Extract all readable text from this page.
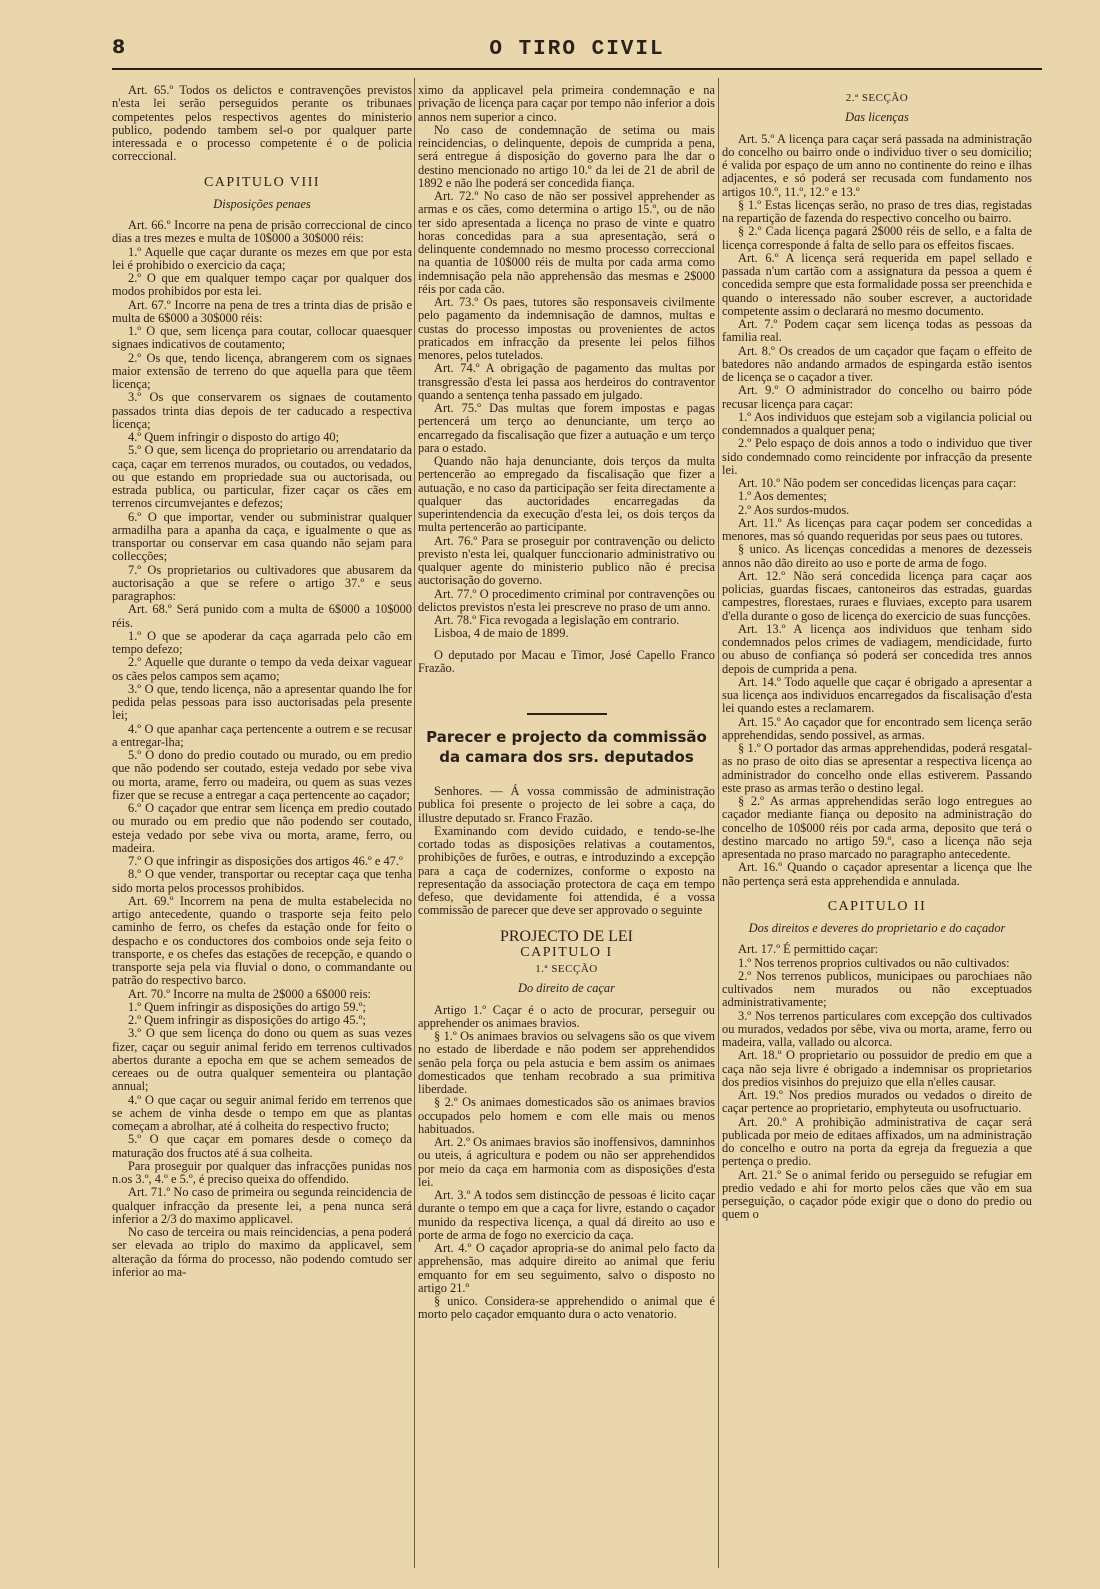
8	O TIRO CIVIL

Art. 65.º Todos os delictos e contravenções previstos n'esta lei serão perseguidos perante os tribunaes competentes pelos respectivos agentes do ministerio publico, podendo tambem sel-o por qualquer parte interessada e o processo competente é o de policia correccional.

CAPITULO VIII

Disposições penaes

Art. 66.º Incorre na pena de prisão correccional de cinco dias a tres mezes e multa de 10$000 a 30$000 réis:

1.º Aquelle que caçar durante os mezes em que por esta lei é prohibido o exercicio da caça;

2.º O que em qualquer tempo caçar por qualquer dos modos prohibidos por esta lei.

Art. 67.º Incorre na pena de tres a trinta dias de prisão e multa de 6$000 a 30$000 réis:

1.º O que, sem licença para coutar, collocar quaesquer signaes indicativos de coutamento;

2.º Os que, tendo licença, abrangerem com os signaes maior extensão de terreno do que aquella para que têem licença;

3.º Os que conservarem os signaes de coutamento passados trinta dias depois de ter caducado a respectiva licença;

4.º Quem infringir o disposto do artigo 40;

5.º O que, sem licença do proprietario ou arrendatario da caça, caçar em terrenos murados, ou coutados, ou vedados, ou que estando em propriedade sua ou auctorisada, ou estrada publica, ou particular, fizer caçar os cães em terrenos circumvejantes e defezos;

6.º O que importar, vender ou subministrar qualquer armadilha para a apanha da caça, e igualmente o que as transportar ou conservar em casa quando não sejam para collecções;

7.º Os proprietarios ou cultivadores que abusarem da auctorisação a que se refere o artigo 37.º e seus paragraphos:

Art. 68.º Será punido com a multa de 6$000 a 10$000 réis.

1.º O que se apoderar da caça agarrada pelo cão em tempo defezo;

2.º Aquelle que durante o tempo da veda deixar vaguear os cães pelos campos sem açamo;

3.º O que, tendo licença, não a apresentar quando lhe for pedida pelas pessoas para isso auctorisadas pela presente lei;

4.º O que apanhar caça pertencente a outrem e se recusar a entregar-lha;

5.º O dono do predio coutado ou murado, ou em predio que não podendo ser coutado, esteja vedado por sebe viva ou morta, arame, ferro ou madeira, ou quem as suas vezes fizer que se recuse a entregar a caça pertencente ao caçador;

6.º O caçador que entrar sem licença em predio coutado ou murado ou em predio que não podendo ser coutado, esteja vedado por sebe viva ou morta, arame, ferro, ou madeira.

7.º O que infringir as disposições dos artigos 46.º e 47.º

8.º O que vender, transportar ou receptar caça que tenha sido morta pelos processos prohibidos.

Art. 69.º Incorrem na pena de multa estabelecida no artigo antecedente, quando o trasporte seja feito pelo caminho de ferro, os chefes da estação onde for feito o despacho e os conductores dos comboios onde seja feito o transporte, e os chefes das estações de recepção, e quando o transporte seja pela via fluvial o dono, o commandante ou patrão do respectivo barco.

Art. 70.º Incorre na multa de 2$000 a 6$000 reis:

1.º Quem infringir as disposições do artigo 59.º;

2.º Quem infringir as disposições do artigo 45.º;

3.º O que sem licença do dono ou quem as suas vezes fizer, caçar ou seguir animal ferido em terrenos cultivados abertos durante a epocha em que se achem semeados de cereaes ou de outra qualquer sementeira ou plantação annual;

4.º O que caçar ou seguir animal ferido em terrenos que se achem de vinha desde o tempo em que as plantas começam a abrolhar, até á colheita do respectivo fructo;

5.º O que caçar em pomares desde o começo da maturação dos fructos até á sua colheita.

Para proseguir por qualquer das infracções punidas nos n.os 3.º, 4.º e 5.º, é preciso queixa do offendido.

Art. 71.º No caso de primeira ou segunda reincidencia de qualquer infracção da presente lei, a pena nunca será inferior a 2/3 do maximo applicavel.

No caso de terceira ou mais reincidencias, a pena poderá ser elevada ao triplo do maximo da applicavel, sem alteração da fórma do processo, não podendo comtudo ser inferior ao ma-

ximo da applicavel pela primeira condemnação e na privação de licença para caçar por tempo não inferior a dois annos nem superior a cinco.

No caso de condemnação de setima ou mais reincidencias, o delinquente, depois de cumprida a pena, será entregue á disposição do governo para lhe dar o destino mencionado no artigo 10.º da lei de 21 de abril de 1892 e não lhe poderá ser concedida fiança.

Art. 72.º No caso de não ser possivel apprehender as armas e os cães, como determina o artigo 15.º, ou de não ter sido apresentada a licença no praso de vinte e quatro horas concedidas para a sua apresentação, será o delinquente condemnado no mesmo processo correccional na quantia de 10$000 réis de multa por cada arma como indemnisação pela não apprehensão das mesmas e 2$000 réis por cada cão.

Art. 73.º Os paes, tutores são responsaveis civilmente pelo pagamento da indemnisação de damnos, multas e custas do processo impostas ou provenientes de actos praticados em infracção da presente lei pelos filhos menores, pelos tutelados.

Art. 74.º A obrigação de pagamento das multas por transgressão d'esta lei passa aos herdeiros do contraventor quando a sentença tenha passado em julgado.

Art. 75.º Das multas que forem impostas e pagas pertencerá um terço ao denunciante, um terço ao encarregado da fiscalisação que fizer a autuação e um terço para o estado.

Quando não haja denunciante, dois terços da multa pertencerão ao empregado da fiscalisação que fizer a autuação, e no caso da participação ser feita directamente a qualquer das auctoridades encarregadas da superintendencia da execução d'esta lei, os dois terços da multa pertencerão ao participante.

Art. 76.º Para se proseguir por contravenção ou delicto previsto n'esta lei, qualquer funccionario administrativo ou qualquer agente do ministerio publico não é precisa auctorisação do governo.

Art. 77.º O procedimento criminal por contravenções ou delictos previstos n'esta lei prescreve no praso de um anno.

Art. 78.º Fica revogada a legislação em contrario.

Lisboa, 4 de maio de 1899.

O deputado por Macau e Timor, José Capello Franco Frazão.

Parecer e projecto da commissão da camara dos srs. deputados

Senhores. — Á vossa commissão de administração publica foi presente o projecto de lei sobre a caça, do illustre deputado sr. Franco Frazão.

Examinando com devido cuidado, e tendo-se-lhe cortado todas as disposições relativas a coutamentos, prohibições de furões, e outras, e introduzindo a excepção para a caça de codernizes, conforme o exposto na representação da associação protectora de caça em tempo defeso, que devidamente foi attendida, é a vossa commissão de parecer que deve ser approvado o seguinte

PROJECTO DE LEI

CAPITULO I

1.ª SECÇÃO

Do direito de caçar

Artigo 1.º Caçar é o acto de procurar, perseguir ou apprehender os animaes bravios.

§ 1.º Os animaes bravios ou selvagens são os que vivem no estado de liberdade e não podem ser apprehendidos senão pela força ou pela astucia e bem assim os animaes domesticados que tenham recobrado a sua primitiva liberdade.

§ 2.º Os animaes domesticados são os animaes bravios occupados pelo homem e com elle mais ou menos habituados.

Art. 2.º Os animaes bravios são inoffensivos, damninhos ou uteis, á agricultura e podem ou não ser apprehendidos por meio da caça em harmonia com as disposições d'esta lei.

Art. 3.º A todos sem distincção de pessoas é licito caçar durante o tempo em que a caça for livre, estando o caçador munido da respectiva licença, a qual dá direito ao uso e porte de arma de fogo no exercicio da caça.

Art. 4.º O caçador apropria-se do animal pelo facto da apprehensão, mas adquire direito ao animal que feriu emquanto for em seu seguimento, salvo o disposto no artigo 21.º

§ unico. Considera-se apprehendido o animal que é morto pelo caçador emquanto dura o acto venatorio.

2.ª SECÇÃO

Das licenças

Art. 5.º A licença para caçar será passada na administração do concelho ou bairro onde o individuo tiver o seu domicilio; é valida por espaço de um anno no continente do reino e ilhas adjacentes, e só poderá ser recusada com fundamento nos artigos 10.º, 11.º, 12.º e 13.º

§ 1.º Estas licenças serão, no praso de tres dias, registadas na repartição de fazenda do respectivo concelho ou bairro.

§ 2.º Cada licença pagará 2$000 réis de sello, e a falta de licença corresponde á falta de sello para os effeitos fiscaes.

Art. 6.º A licença será requerida em papel sellado e passada n'um cartão com a assignatura da pessoa a quem é concedida sempre que esta formalidade possa ser preenchida e quando o interessado não souber escrever, a auctoridade competente assim o declarará no mesmo documento.

Art. 7.º Podem caçar sem licença todas as pessoas da familia real.

Art. 8.º Os creados de um caçador que façam o effeito de batedores não andando armados de espingarda estão isentos de licença se o caçador a tiver.

Art. 9.º O administrador do concelho ou bairro póde recusar licença para caçar:

1.º Aos individuos que estejam sob a vigilancia policial ou condemnados a qualquer pena;

2.º Pelo espaço de dois annos a todo o individuo que tiver sido condemnado como reincidente por infracção da presente lei.

Art. 10.º Não podem ser concedidas licenças para caçar:

1.º Aos dementes;

2.º Aos surdos-mudos.

Art. 11.º As licenças para caçar podem ser concedidas a menores, mas só quando requeridas por seus paes ou tutores.

§ unico. As licenças concedidas a menores de dezesseis annos não dão direito ao uso e porte de arma de fogo.

Art. 12.º Não será concedida licença para caçar aos policias, guardas fiscaes, cantoneiros das estradas, guardas campestres, florestaes, ruraes e fluviaes, excepto para usarem d'ella durante o goso de licença do exercicio de suas funcções.

Art. 13.º A licença aos individuos que tenham sido condemnados pelos crimes de vadiagem, mendicidade, furto ou abuso de confiança só poderá ser concedida tres annos depois de cumprida a pena.

Art. 14.º Todo aquelle que caçar é obrigado a apresentar a sua licença aos individuos encarregados da fiscalisação d'esta lei quando estes a reclamarem.

Art. 15.º Ao caçador que for encontrado sem licença serão apprehendidas, sendo possivel, as armas.

§ 1.º O portador das armas apprehendidas, poderá resgatal-as no praso de oito dias se apresentar a respectiva licença ao administrador do concelho onde ellas estiverem. Passando este praso as armas terão o destino legal.

§ 2.º As armas apprehendidas serão logo entregues ao caçador mediante fiança ou deposito na administração do concelho de 10$000 réis por cada arma, deposito que terá o destino marcado no artigo 59.º, caso a licença não seja apresentada no praso marcado no paragrapho antecedente.

Art. 16.º Quando o caçador apresentar a licença que lhe não pertença será esta apprehendida e annulada.

CAPITULO II

Dos direitos e deveres do proprietario e do caçador

Art. 17.º É permittido caçar:

1.º Nos terrenos proprios cultivados ou não cultivados:

2.º Nos terrenos publicos, municipaes ou parochiaes não cultivados nem murados ou não exceptuados administrativamente;

3.º Nos terrenos particulares com excepção dos cultivados ou murados, vedados por sêbe, viva ou morta, arame, ferro ou madeira, valla, vallado ou alcorca.

Art. 18.º O proprietario ou possuidor de predio em que a caça não seja livre é obrigado a indemnisar os proprietarios dos predios visinhos do prejuizo que ella n'elles causar.

Art. 19.º Nos predios murados ou vedados o direito de caçar pertence ao proprietario, emphyteuta ou usofructuario.

Art. 20.º A prohibição administrativa de caçar será publicada por meio de editaes affixados, um na administração do concelho e outro na porta da egreja da freguezia a que pertença o predio.

Art. 21.º Se o animal ferido ou perseguido se refugiar em predio vedado e ahi for morto pelos cães que vão em sua perseguição, o caçador póde exigir que o dono do predio ou quem o
